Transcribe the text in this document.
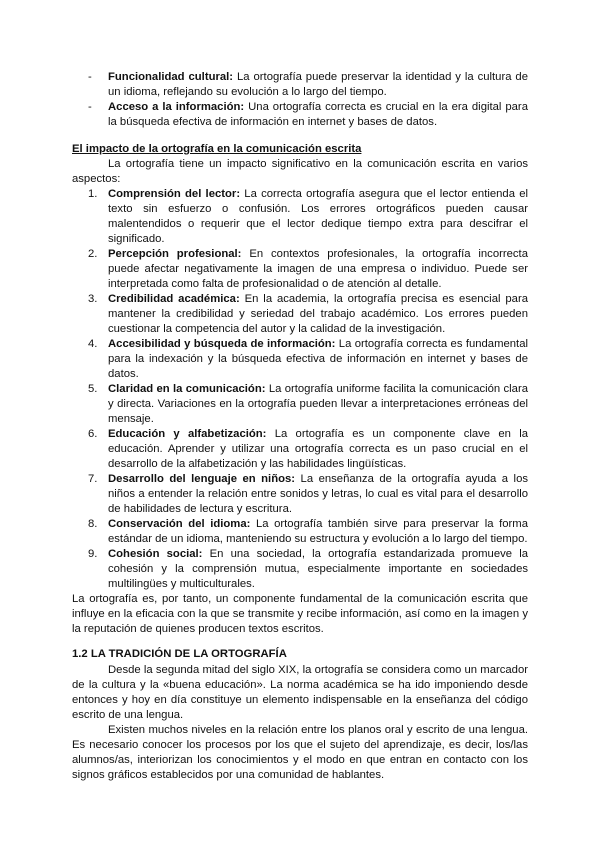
- Funcionalidad cultural: La ortografía puede preservar la identidad y la cultura de un idioma, reflejando su evolución a lo largo del tiempo.
- Acceso a la información: Una ortografía correcta es crucial en la era digital para la búsqueda efectiva de información en internet y bases de datos.

El impacto de la ortografía en la comunicación escrita

La ortografía tiene un impacto significativo en la comunicación escrita en varios aspectos:

1. Comprensión del lector: La correcta ortografía asegura que el lector entienda el texto sin esfuerzo o confusión. Los errores ortográficos pueden causar malentendidos o requerir que el lector dedique tiempo extra para descifrar el significado.
2. Percepción profesional: En contextos profesionales, la ortografía incorrecta puede afectar negativamente la imagen de una empresa o individuo. Puede ser interpretada como falta de profesionalidad o de atención al detalle.
3. Credibilidad académica: En la academia, la ortografía precisa es esencial para mantener la credibilidad y seriedad del trabajo académico. Los errores pueden cuestionar la competencia del autor y la calidad de la investigación.
4. Accesibilidad y búsqueda de información: La ortografía correcta es fundamental para la indexación y la búsqueda efectiva de información en internet y bases de datos.
5. Claridad en la comunicación: La ortografía uniforme facilita la comunicación clara y directa. Variaciones en la ortografía pueden llevar a interpretaciones erróneas del mensaje.
6. Educación y alfabetización: La ortografía es un componente clave en la educación. Aprender y utilizar una ortografía correcta es un paso crucial en el desarrollo de la alfabetización y las habilidades lingüísticas.
7. Desarrollo del lenguaje en niños: La enseñanza de la ortografía ayuda a los niños a entender la relación entre sonidos y letras, lo cual es vital para el desarrollo de habilidades de lectura y escritura.
8. Conservación del idioma: La ortografía también sirve para preservar la forma estándar de un idioma, manteniendo su estructura y evolución a lo largo del tiempo.
9. Cohesión social: En una sociedad, la ortografía estandarizada promueve la cohesión y la comprensión mutua, especialmente importante en sociedades multilingües y multiculturales.

La ortografía es, por tanto, un componente fundamental de la comunicación escrita que influye en la eficacia con la que se transmite y recibe información, así como en la imagen y la reputación de quienes producen textos escritos.

1.2 LA TRADICIÓN DE LA ORTOGRAFÍA

Desde la segunda mitad del siglo XIX, la ortografía se considera como un marcador de la cultura y la «buena educación». La norma académica se ha ido imponiendo desde entonces y hoy en día constituye un elemento indispensable en la enseñanza del código escrito de una lengua.

Existen muchos niveles en la relación entre los planos oral y escrito de una lengua. Es necesario conocer los procesos por los que el sujeto del aprendizaje, es decir, los/las alumnos/as, interiorizan los conocimientos y el modo en que entran en contacto con los signos gráficos establecidos por una comunidad de hablantes.
